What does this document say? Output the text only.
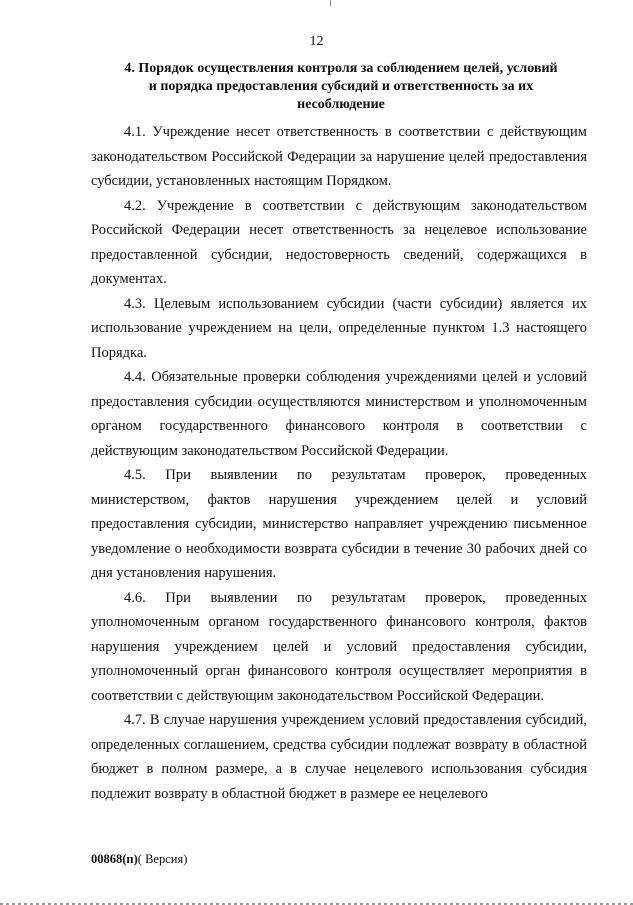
12
4. Порядок осуществления контроля за соблюдением целей, условий
и порядка предоставления субсидий и ответственность за их несоблюдение

4.1. Учреждение несет ответственность в соответствии с действующим законодательством Российской Федерации за нарушение целей предоставления субсидии, установленных настоящим Порядком.

4.2. Учреждение в соответствии с действующим законодательством Российской Федерации несет ответственность за нецелевое использование предоставленной субсидии, недостоверность сведений, содержащихся в документах.

4.3. Целевым использованием субсидии (части субсидии) является их использование учреждением на цели, определенные пунктом 1.3 настоящего Порядка.

4.4. Обязательные проверки соблюдения учреждениями целей и условий предоставления субсидии осуществляются министерством и уполномоченным органом государственного финансового контроля в соответствии с действующим законодательством Российской Федерации.

4.5. При выявлении по результатам проверок, проведенных министерством, фактов нарушения учреждением целей и условий предоставления субсидии, министерство направляет учреждению письменное уведомление о необходимости возврата субсидии в течение 30 рабочих дней со дня установления нарушения.

4.6. При выявлении по результатам проверок, проведенных уполномоченным органом государственного финансового контроля, фактов нарушения учреждением целей и условий предоставления субсидии, уполномоченный орган финансового контроля осуществляет мероприятия в соответствии с действующим законодательством Российской Федерации.

4.7. В случае нарушения учреждением условий предоставления субсидий, определенных соглашением, средства субсидии подлежат возврату в областной бюджет в полном размере, а в случае нецелевого использования субсидия подлежит возврату в областной бюджет в размере ее нецелевого

00868(п)( Версия)
